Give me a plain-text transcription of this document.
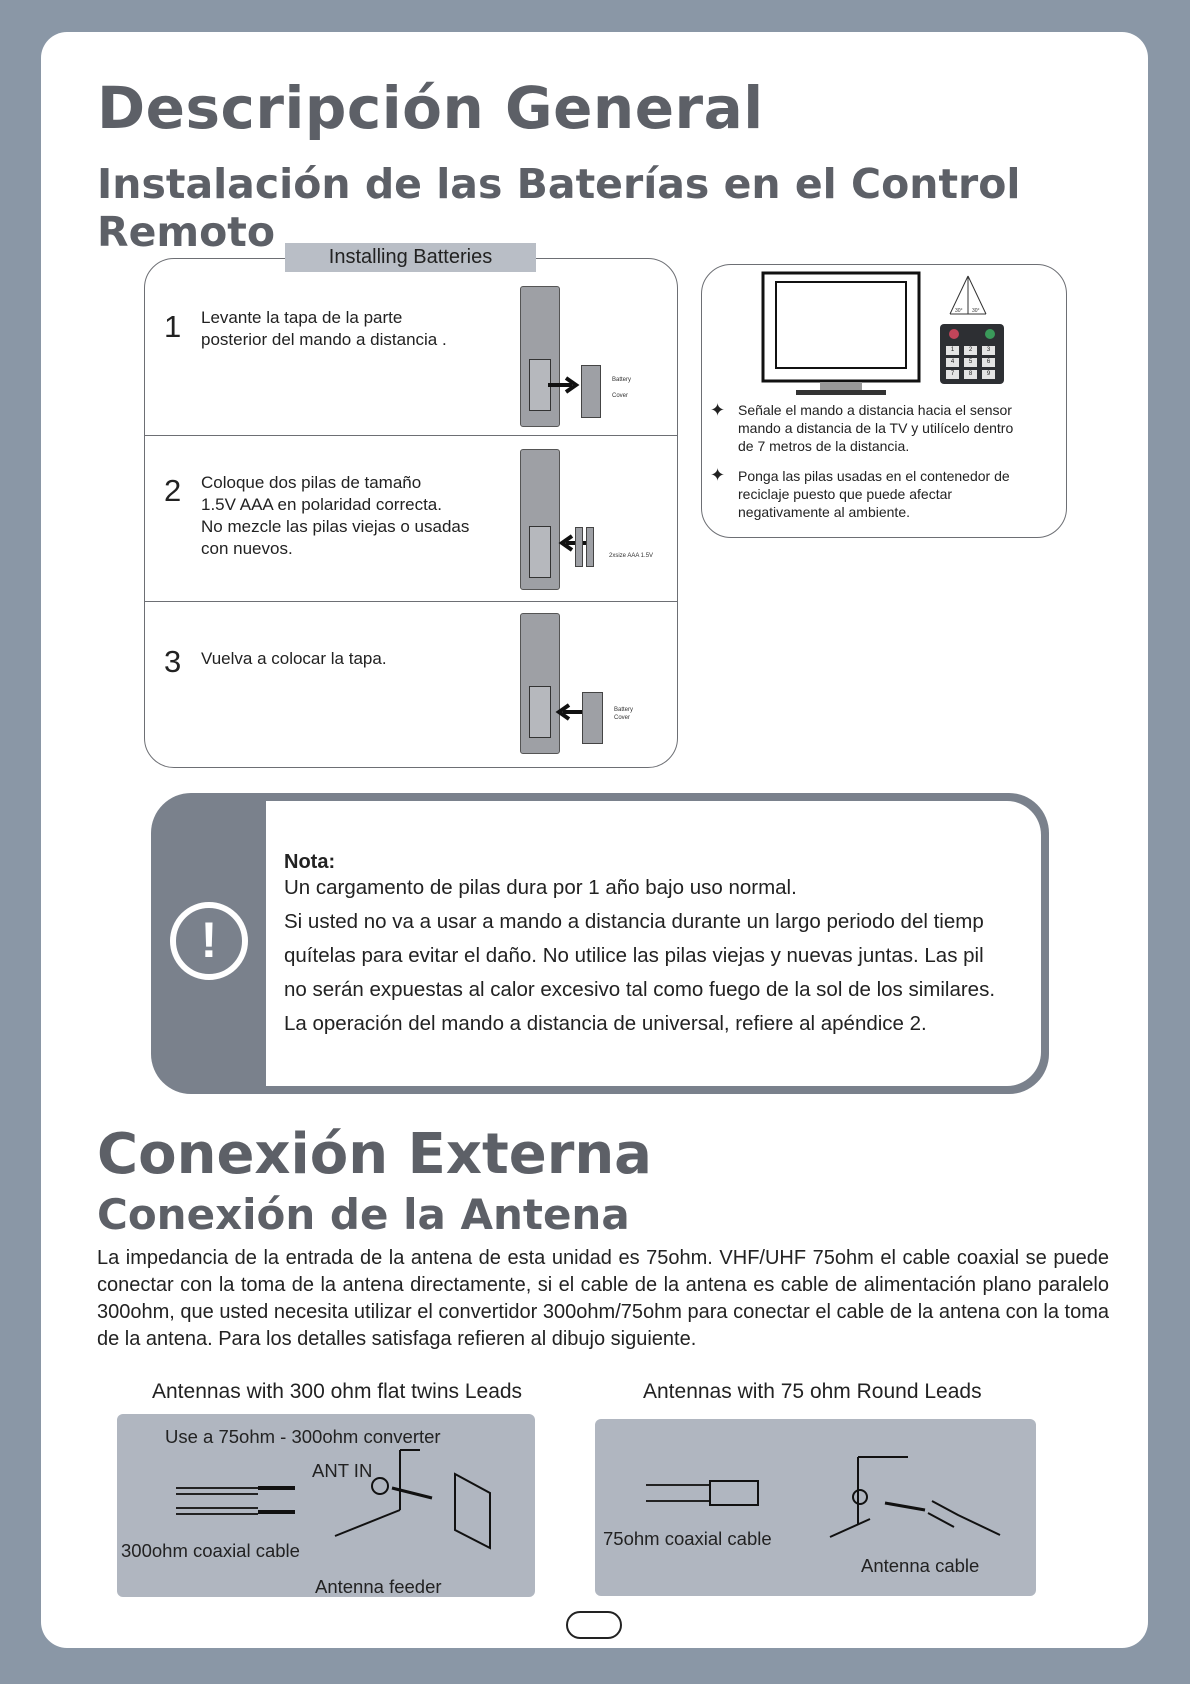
Descripción General
Instalación de las Baterías en el Control Remoto
Installing Batteries
1 Levante la tapa de la parte
posterior del mando a distancia .
Battery
Cover
2 Coloque dos pilas de tamaño
1.5V AAA en polaridad correcta.
No mezcle las pilas viejas o usadas
con nuevos.	2xsize AAA 1.5V
3 Vuelva a colocar la tapa.
Battery
Cover
30° 30°
1	2	3
4	5	6
7	8	9
✦ Señale el mando a distancia hacia el sensor
mando a distancia de la TV y utilícelo dentro
de 7 metros de la distancia.
✦ Ponga las pilas usadas en el contenedor de
reciclaje puesto que puede afectar
negativamente al ambiente.
!
Nota:
Un cargamento de pilas dura por 1 año bajo uso normal.
Si usted no va a usar a mando a distancia durante un largo periodo del tiemp
quítelas para evitar el daño. No utilice las pilas viejas y nuevas juntas. Las pil
no serán expuestas al calor excesivo tal como fuego de la sol de los similares.
La operación del mando a distancia de universal, refiere al apéndice 2.
Conexión Externa
Conexión de la Antena
La impedancia de la entrada de la antena de esta unidad es 75ohm. VHF/UHF 75ohm el cable coaxial se puede conectar con la toma de la antena directamente, si el cable de la antena es cable de alimentación plano paralelo 300ohm, que usted necesita utilizar el convertidor 300ohm/75ohm para conectar el cable de la antena con la toma de la antena. Para los detalles satisfaga refieren al dibujo siguiente.
Antennas with 300 ohm flat twins Leads	Antennas with 75 ohm Round Leads
Use a 75ohm - 300ohm converter
ANT IN
300ohm coaxial cable
Antenna feeder
75ohm coaxial cable
Antenna cable
